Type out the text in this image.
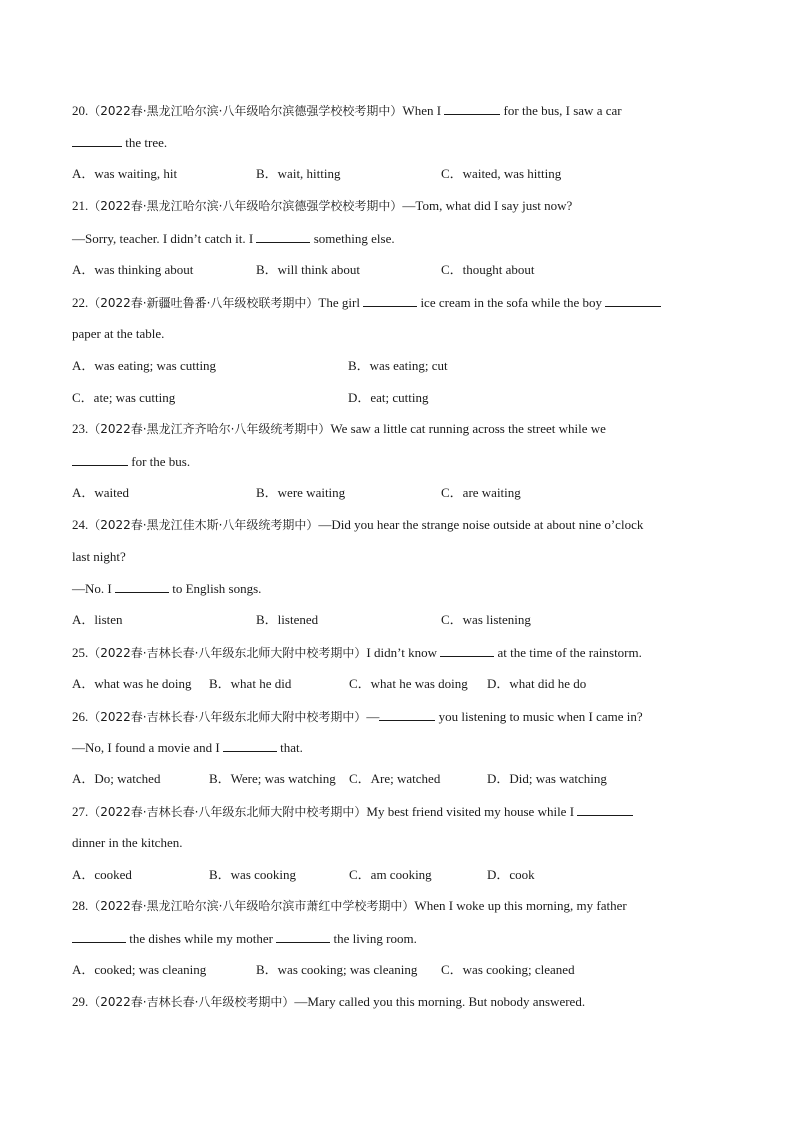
20.（2022春·黑龙江哈尔滨·八年级哈尔滨德强学校校考期中）When I	for the bus, I saw a car
the tree.
A．was waiting, hit	B．wait, hitting	C．waited, was hitting
21.（2022春·黑龙江哈尔滨·八年级哈尔滨德强学校校考期中）—Tom, what did I say just now?
—Sorry, teacher. I didn’t catch it. I	something else.
A．was thinking about	B．will think about	C．thought about
22.（2022春·新疆吐鲁番·八年级校联考期中）The girl	ice cream in the sofa while the boy
paper at the table.
A．was eating; was cutting	B．was eating; cut
C．ate; was cutting	D．eat; cutting
23.（2022春·黑龙江齐齐哈尔·八年级统考期中）We saw a little cat running across the street while we
for the bus.
A．waited	B．were waiting	C．are waiting
24.（2022春·黑龙江佳木斯·八年级统考期中）—Did you hear the strange noise outside at about nine o’clock
last night?
—No. I	to English songs.
A．listen	B．listened	C．was listening
25.（2022春·吉林长春·八年级东北师大附中校考期中）I didn’t know	at the time of the rainstorm.
A．what was he doing B．what he did	C．what he was doing D．what did he do
26.（2022春·吉林长春·八年级东北师大附中校考期中）—	you listening to music when I came in?
—No, I found a movie and I	that.
A．Do; watched	B．Were; was watching C．Are; watched	D．Did; was watching
27.（2022春·吉林长春·八年级东北师大附中校考期中）My best friend visited my house while I
dinner in the kitchen.
A．cooked	B．was cooking	C．am cooking	D．cook
28.（2022春·黑龙江哈尔滨·八年级哈尔滨市萧红中学校考期中）When I woke up this morning, my father
the dishes while my mother	the living room.
A．cooked; was cleaning	B．was cooking; was cleaning C．was cooking; cleaned
29.（2022春·吉林长春·八年级校考期中）—Mary called you this morning. But nobody answered.
